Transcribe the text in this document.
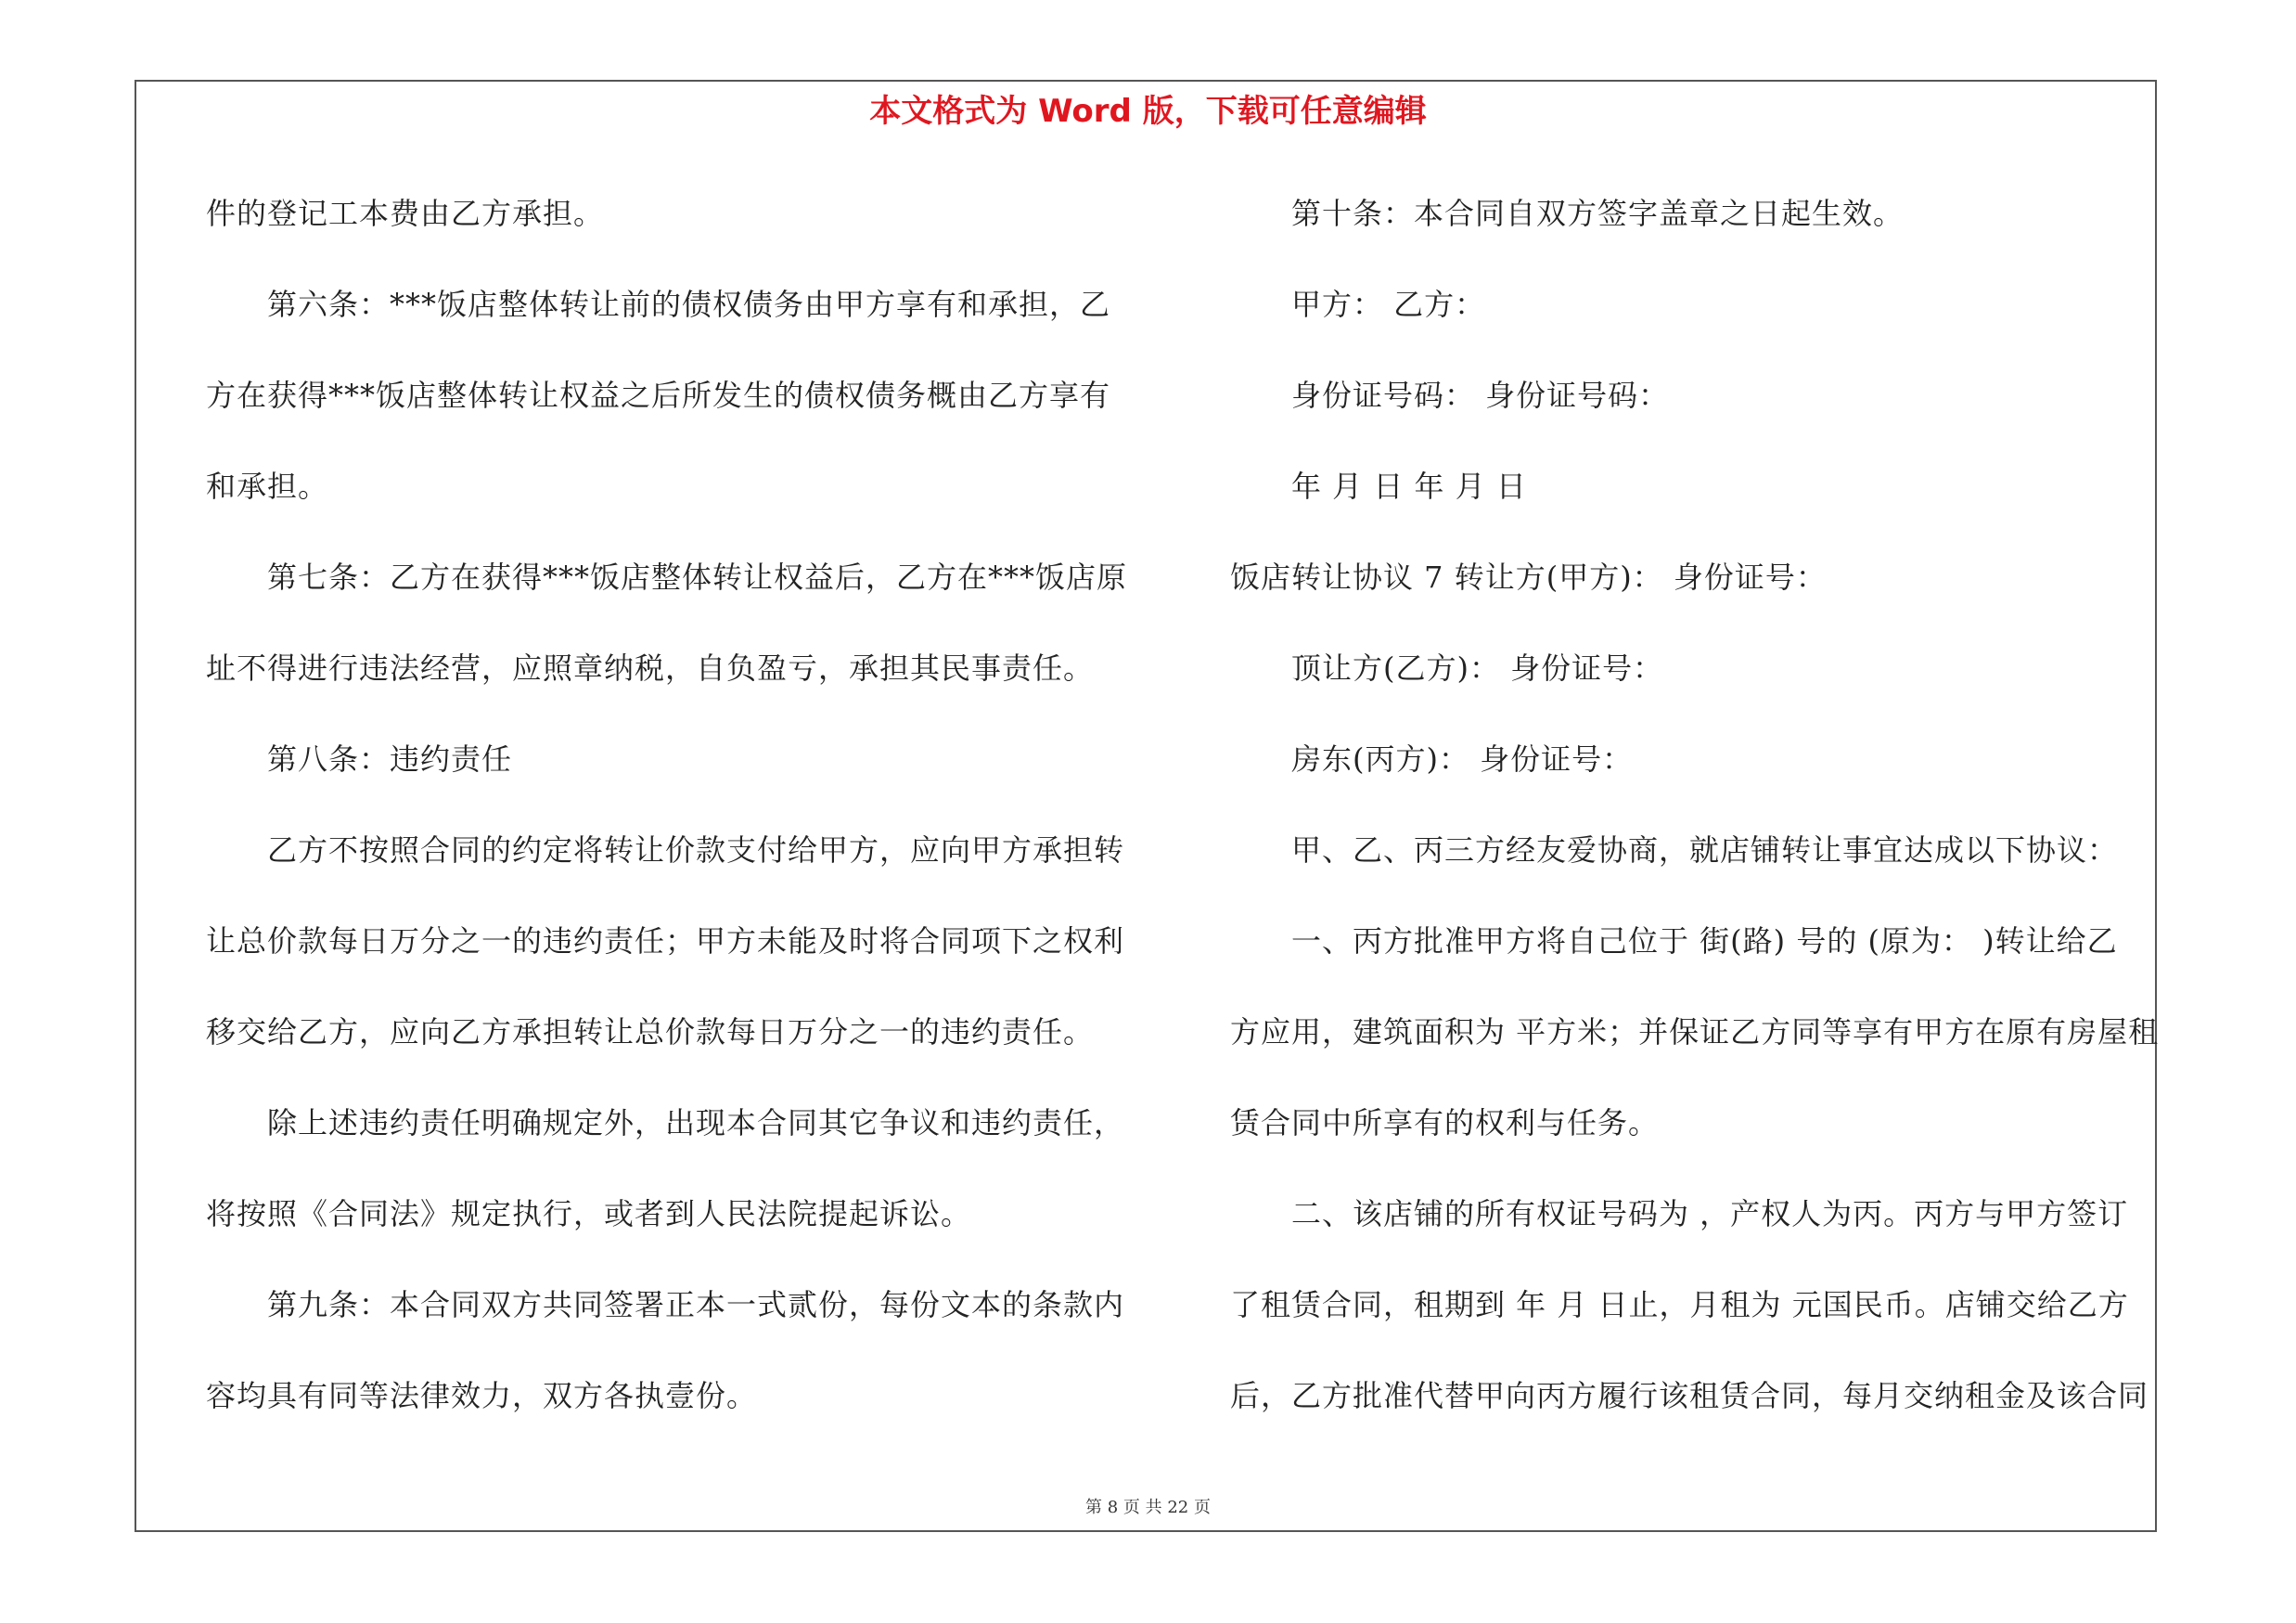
本文格式为 Word 版，下载可任意编辑
件的登记工本费由乙方承担。
第六条：***饭店整体转让前的债权债务由甲方享有和承担，乙
方在获得***饭店整体转让权益之后所发生的债权债务概由乙方享有
和承担。
第七条：乙方在获得***饭店整体转让权益后，乙方在***饭店原
址不得进行违法经营，应照章纳税，自负盈亏，承担其民事责任。
第八条：违约责任
乙方不按照合同的约定将转让价款支付给甲方，应向甲方承担转
让总价款每日万分之一的违约责任；甲方未能及时将合同项下之权利
移交给乙方，应向乙方承担转让总价款每日万分之一的违约责任。
除上述违约责任明确规定外，出现本合同其它争议和违约责任，
将按照《合同法》规定执行，或者到人民法院提起诉讼。
第九条：本合同双方共同签署正本一式贰份，每份文本的条款内
容均具有同等法律效力，双方各执壹份。
第十条：本合同自双方签字盖章之日起生效。
甲方： 乙方：
身份证号码： 身份证号码：
年 月 日 年 月 日
饭店转让协议 7 转让方(甲方)： 身份证号：
顶让方(乙方)： 身份证号：
房东(丙方)： 身份证号：
甲、乙、丙三方经友爱协商，就店铺转让事宜达成以下协议：
一、丙方批准甲方将自己位于 街(路) 号的 (原为： )转让给乙
方应用，建筑面积为 平方米；并保证乙方同等享有甲方在原有房屋租
赁合同中所享有的权利与任务。
二、该店铺的所有权证号码为 ，产权人为丙。丙方与甲方签订
了租赁合同，租期到 年 月 日止，月租为 元国民币。店铺交给乙方
后，乙方批准代替甲向丙方履行该租赁合同，每月交纳租金及该合同
第 8 页 共 22 页
